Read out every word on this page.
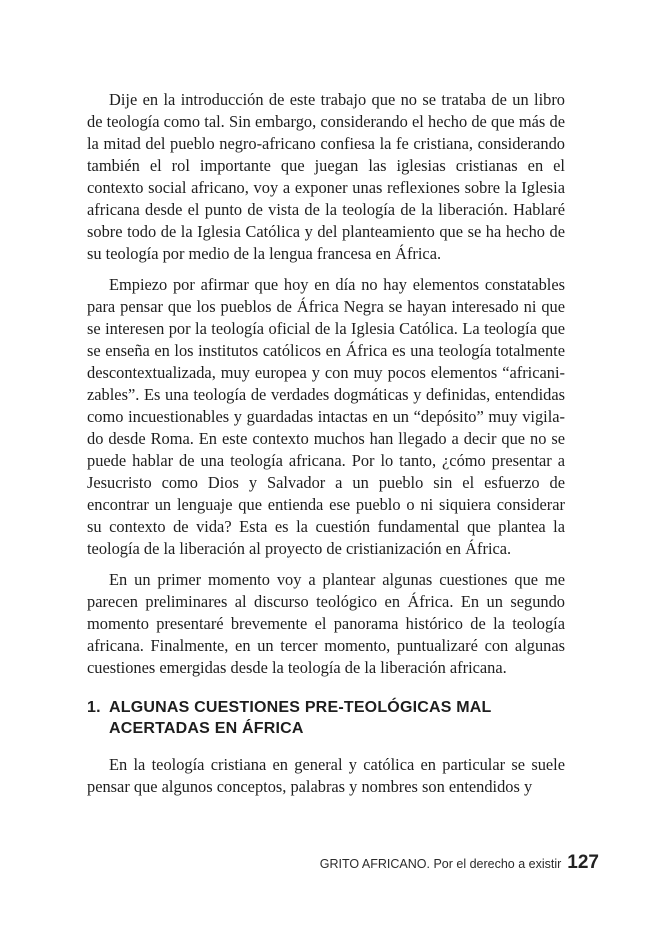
Dije en la introducción de este trabajo que no se trataba de un libro de teología como tal. Sin embargo, considerando el hecho de que más de la mitad del pueblo negro-africano confiesa la fe cristiana, considerando también el rol importante que juegan las iglesias cristianas en el contexto social africano, voy a exponer unas reflexiones sobre la Iglesia africana desde el punto de vista de la teología de la liberación. Hablaré sobre todo de la Iglesia Católica y del planteamiento que se ha hecho de su teología por medio de la lengua francesa en África.

Empiezo por afirmar que hoy en día no hay elementos constatables para pensar que los pueblos de África Negra se hayan interesado ni que se interesen por la teología oficial de la Iglesia Católica. La teología que se enseña en los institutos católicos en África es una teología totalmente descontextualizada, muy europea y con muy pocos elementos “africanizables”. Es una teología de verdades dogmáticas y definidas, entendidas como incuestionables y guardadas intactas en un “depósito” muy vigilado desde Roma. En este contexto muchos han llegado a decir que no se puede hablar de una teología africana. Por lo tanto, ¿cómo presentar a Jesucristo como Dios y Salvador a un pueblo sin el esfuerzo de encontrar un lenguaje que entienda ese pueblo o ni siquiera considerar su contexto de vida? Esta es la cuestión fundamental que plantea la teología de la liberación al proyecto de cristianización en África.

En un primer momento voy a plantear algunas cuestiones que me parecen preliminares al discurso teológico en África. En un segundo momento presentaré brevemente el panorama histórico de la teología africana. Finalmente, en un tercer momento, puntualizaré con algunas cuestiones emergidas desde la teología de la liberación africana.

1. ALGUNAS CUESTIONES PRE-TEOLÓGICAS MAL ACERTADAS EN ÁFRICA

En la teología cristiana en general y católica en particular se suele pensar que algunos conceptos, palabras y nombres son entendidos y

GRITO AFRICANO. Por el derecho a existir 127
